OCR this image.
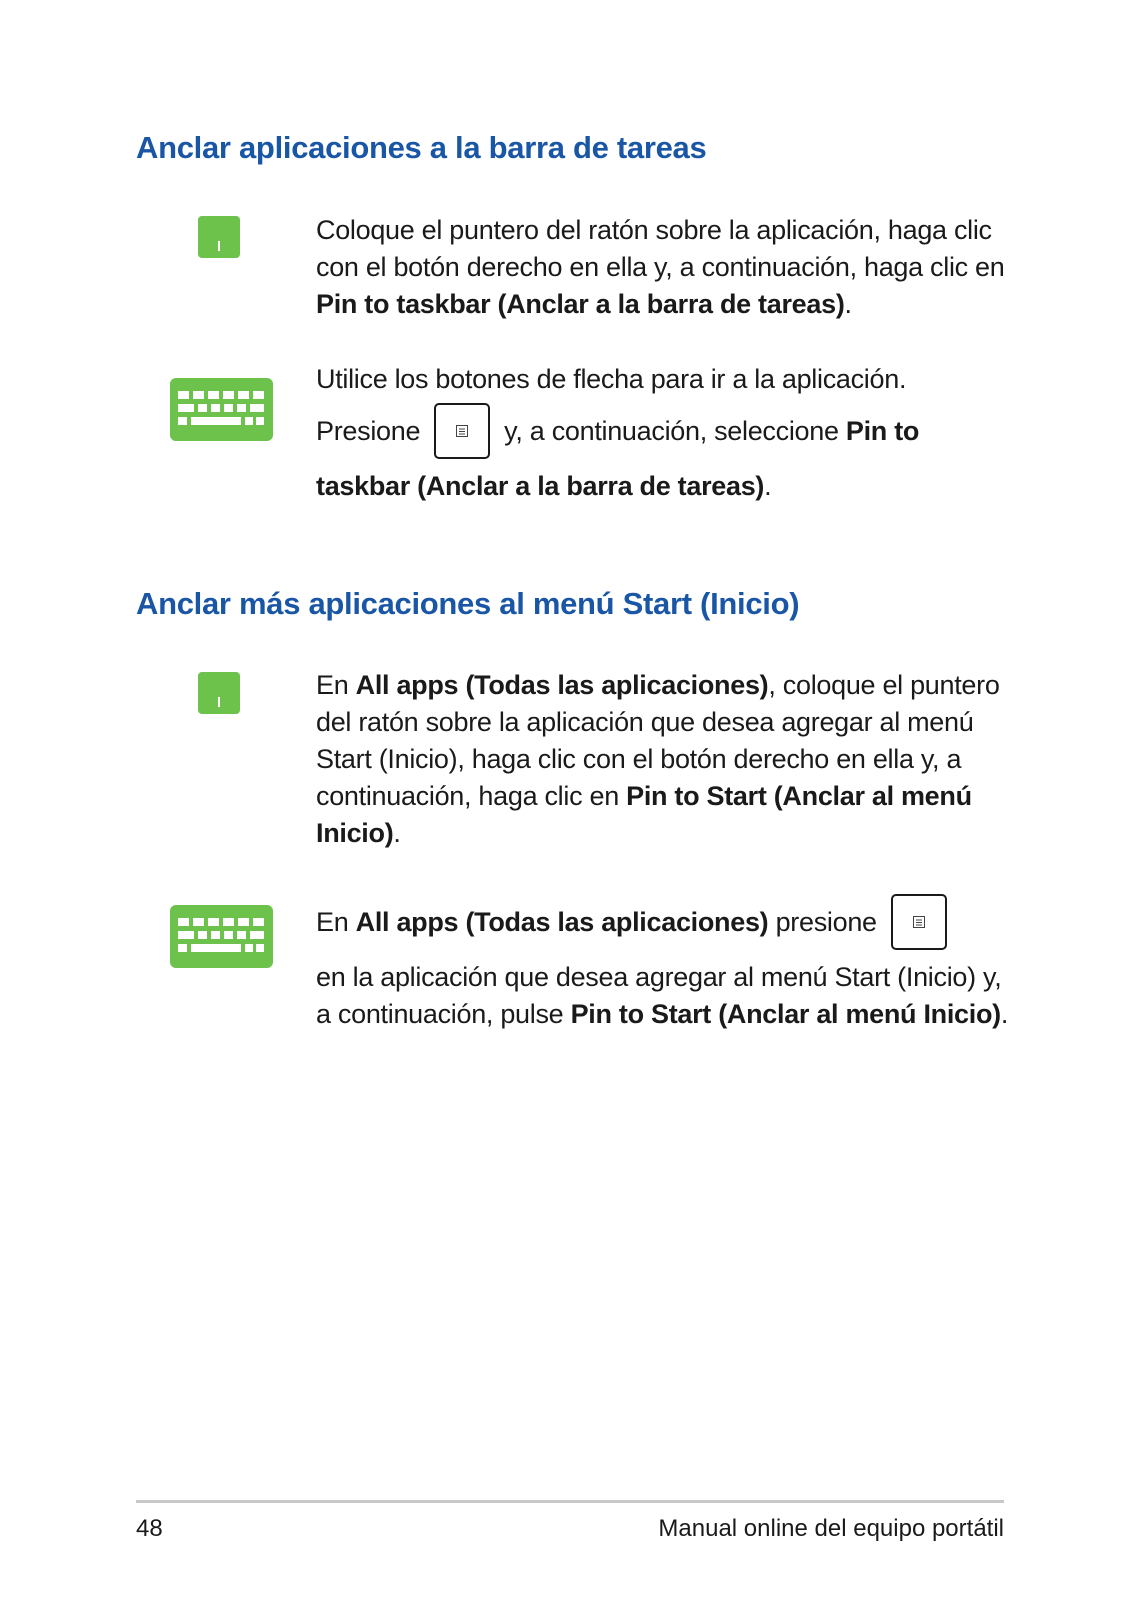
Anclar aplicaciones a la barra de tareas

Coloque el puntero del ratón sobre la aplicación, haga clic con el botón derecho en ella y, a continuación, haga clic en Pin to taskbar (Anclar a la barra de tareas).

Utilice los botones de flecha para ir a la aplicación.

Presione	y, a continuación, seleccione Pin to

taskbar (Anclar a la barra de tareas).

Anclar más aplicaciones al menú Start (Inicio)

En All apps (Todas las aplicaciones), coloque el puntero del ratón sobre la aplicación que desea agregar al menú Start (Inicio), haga clic con el botón derecho en ella y, a continuación, haga clic en Pin to Start (Anclar al menú Inicio).

En All apps (Todas las aplicaciones) presione

en la aplicación que desea agregar al menú Start (Inicio) y, a continuación, pulse Pin to Start (Anclar al menú Inicio).

48	Manual online del equipo portátil
